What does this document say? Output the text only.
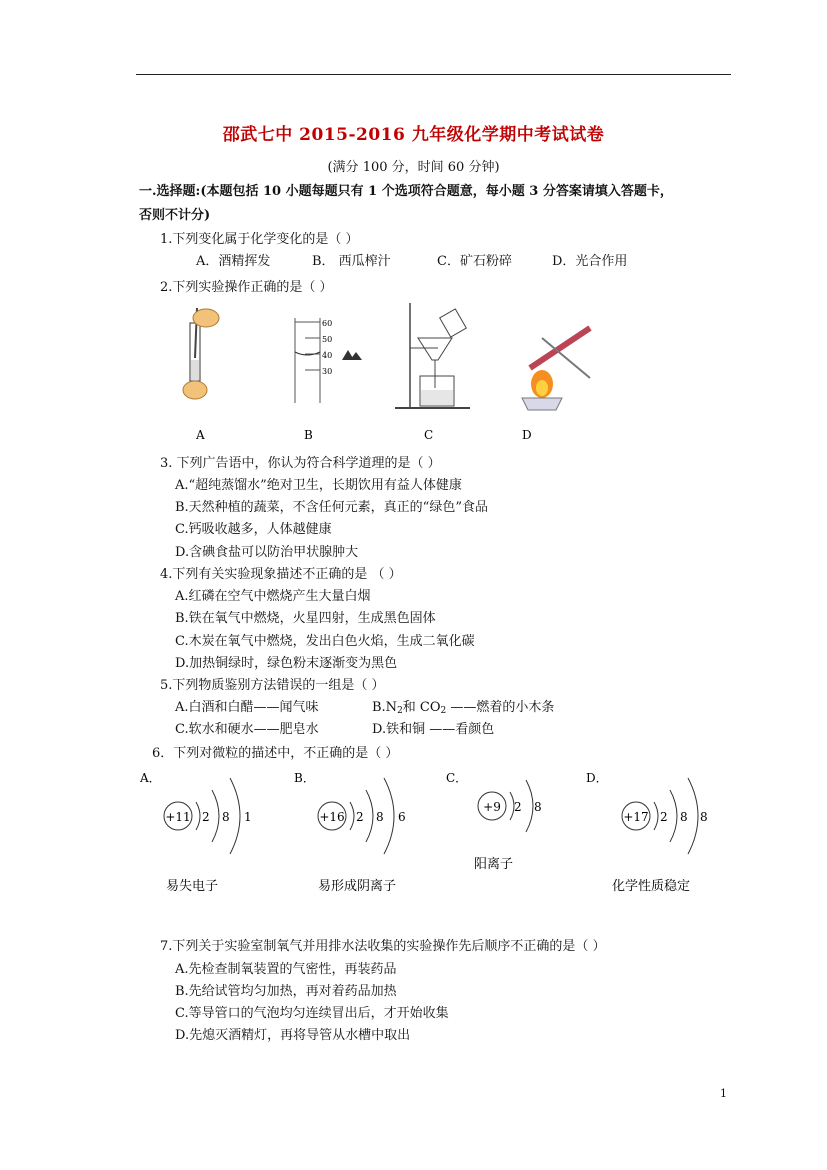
邵武七中 2015-2016 九年级化学期中考试试卷
(满分 100 分，时间 60 分钟)
一.选择题:(本题包括 10 小题每题只有 1 个选项符合题意，每小题 3 分答案请填入答题卡，
否则不计分)
1.下列变化属于化学变化的是（ ）
A．酒精挥发	B． 西瓜榨汁	C．矿石粉碎	D．光合作用
2.下列实验操作正确的是（ ）
60
50
40
30
A	B	C	D
3. 下列广告语中，你认为符合科学道理的是（ ）
A.“超纯蒸馏水”绝对卫生，长期饮用有益人体健康
B.天然种植的蔬菜，不含任何元素，真正的“绿色”食品
C.钙吸收越多，人体越健康
D.含碘食盐可以防治甲状腺肿大
4.下列有关实验现象描述不正确的是 （ ）
A.红磷在空气中燃烧产生大量白烟
B.铁在氧气中燃烧，火星四射，生成黑色固体
C.木炭在氧气中燃烧，发出白色火焰，生成二氧化碳
D.加热铜绿时，绿色粉末逐渐变为黑色
5.下列物质鉴别方法错误的一组是（ ）
A.白酒和白醋——闻气味	B.N2和 CO2 ——燃着的小木条
C.软水和硬水——肥皂水	D.铁和铜 ——看颜色
6．下列对微粒的描述中，不正确的是（ ）
A．
+11 2 8 1
易失电子
B．
+16 2 8 6
易形成阴离子
C．
+9 2 8
阳离子
D．
+17 2 8 8
化学性质稳定
7.下列关于实验室制氧气并用排水法收集的实验操作先后顺序不正确的是（ ）
A.先检查制氧装置的气密性，再装药品
B.先给试管均匀加热，再对着药品加热
C.等导管口的气泡均匀连续冒出后，才开始收集
D.先熄灭酒精灯，再将导管从水槽中取出
1
